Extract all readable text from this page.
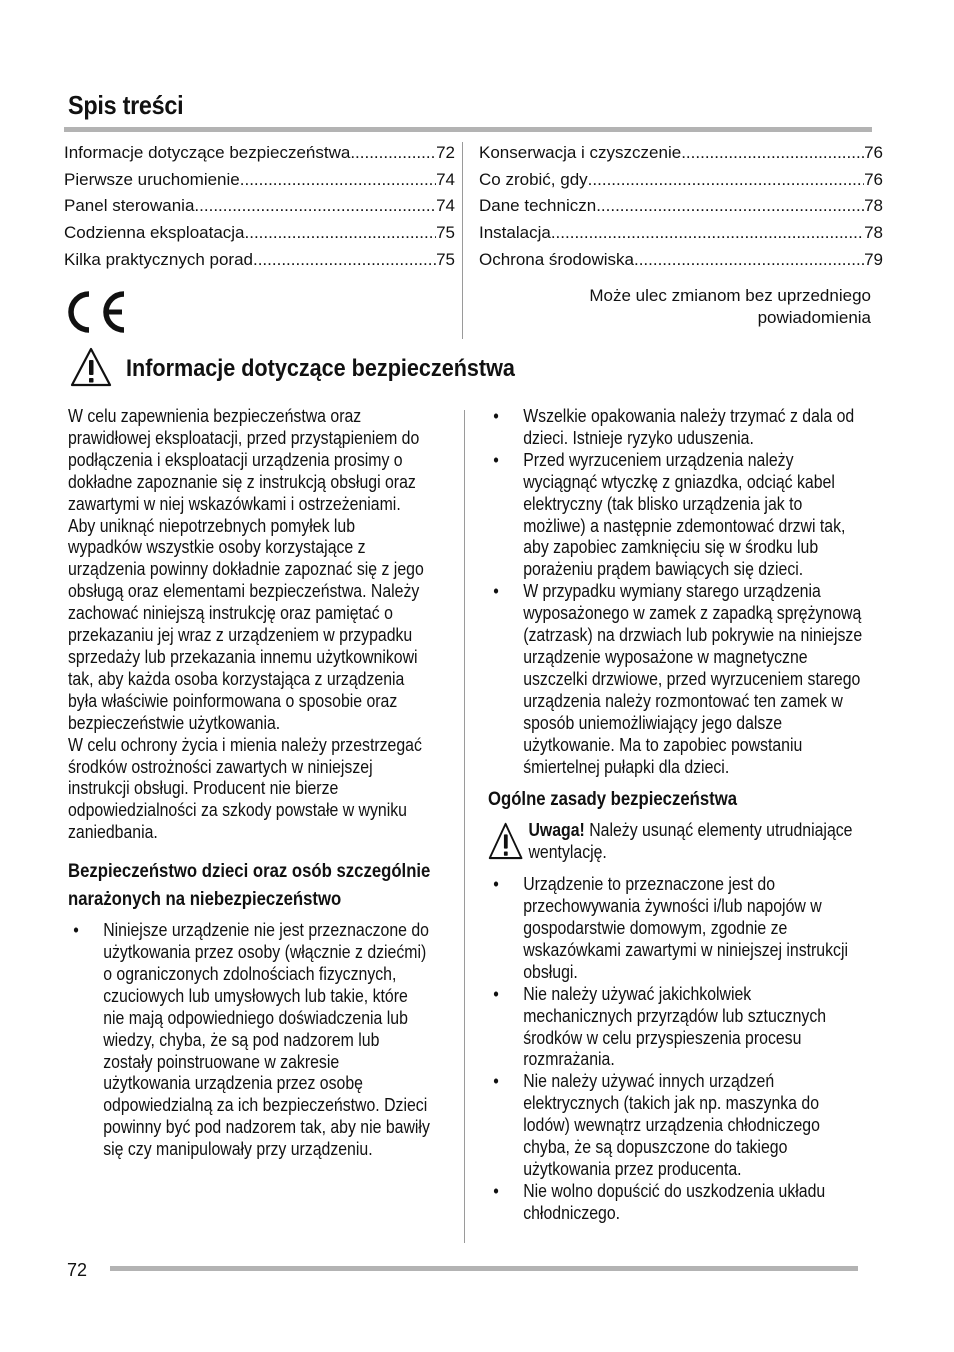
Spis treści
Informacje dotyczące bezpieczeństwa .....	72
Pierwsze uruchomienie .....	74
Panel sterowania .....	74
Codzienna eksploatacja .....	75
Kilka praktycznych porad .....	75
Konserwacja i czyszczenie .....	76
Co zrobić, gdy .....	76
Dane techniczn .....	78
Instalacja .....	78
Ochrona środowiska .....	79
Może ulec zmianom bez uprzedniego
powiadomienia
Informacje dotyczące bezpieczeństwa

W celu zapewnienia bezpieczeństwa oraz prawidłowej eksploatacji, przed przystąpieniem do podłączenia i eksploatacji urządzenia prosimy o dokładne zapoznanie się z instrukcją obsługi oraz zawartymi w niej wskazówkami i ostrzeżeniami. Aby uniknąć niepotrzebnych pomyłek lub wypadków wszystkie osoby korzystające z urządzenia powinny dokładnie zapoznać się z jego obsługą oraz elementami bezpieczeństwa. Należy zachować niniejszą instrukcję oraz pamiętać o przekazaniu jej wraz z urządzeniem w przypadku sprzedaży lub przekazania innemu użytkownikowi tak, aby każda osoba korzystająca z urządzenia była właściwie poinformowana o sposobie oraz bezpieczeństwie użytkowania.

W celu ochrony życia i mienia należy przestrzegać środków ostrożności zawartych w niniejszej instrukcji obsługi. Producent nie bierze odpowiedzialności za szkody powstałe w wyniku zaniedbania.

Bezpieczeństwo dzieci oraz osób szczególnie narażonych na niebezpieczeństwo
• Niniejsze urządzenie nie jest przeznaczone do użytkowania przez osoby (włącznie z dziećmi) o ograniczonych zdolnościach fizycznych, czuciowych lub umysłowych lub takie, które nie mają odpowiedniego doświadczenia lub wiedzy, chyba, że są pod nadzorem lub zostały poinstruowane w zakresie użytkowania urządzenia przez osobę odpowiedzialną za ich bezpieczeństwo. Dzieci powinny być pod nadzorem tak, aby nie bawiły się czy manipulowały przy urządzeniu.
• Wszelkie opakowania należy trzymać z dala od dzieci. Istnieje ryzyko uduszenia.
• Przed wyrzuceniem urządzenia należy wyciągnąć wtyczkę z gniazdka, odciąć kabel elektryczny (tak blisko urządzenia jak to możliwe) a następnie zdemontować drzwi tak, aby zapobiec zamknięciu się w środku lub porażeniu prądem bawiących się dzieci.
• W przypadku wymiany starego urządzenia wyposażonego w zamek z zapadką sprężynową (zatrzask) na drzwiach lub pokrywie na niniejsze urządzenie wyposażone w magnetyczne uszczelki drzwiowe, przed wyrzuceniem starego urządzenia należy rozmontować ten zamek w sposób uniemożliwiający jego dalsze użytkowanie. Ma to zapobiec powstaniu śmiertelnej pułapki dla dzieci.
Ogólne zasady bezpieczeństwa
Uwaga! Należy usunąć elementy utrudniające wentylację.
• Urządzenie to przeznaczone jest do przechowywania żywności i/lub napojów w gospodarstwie domowym, zgodnie ze wskazówkami zawartymi w niniejszej instrukcji obsługi.
• Nie należy używać jakichkolwiek mechanicznych przyrządów lub sztucznych środków w celu przyspieszenia procesu rozmrażania.
• Nie należy używać innych urządzeń elektrycznych (takich jak np. maszynka do lodów) wewnątrz urządzenia chłodniczego chyba, że są dopuszczone do takiego użytkowania przez producenta.
• Nie wolno dopuścić do uszkodzenia układu chłodniczego.
72
